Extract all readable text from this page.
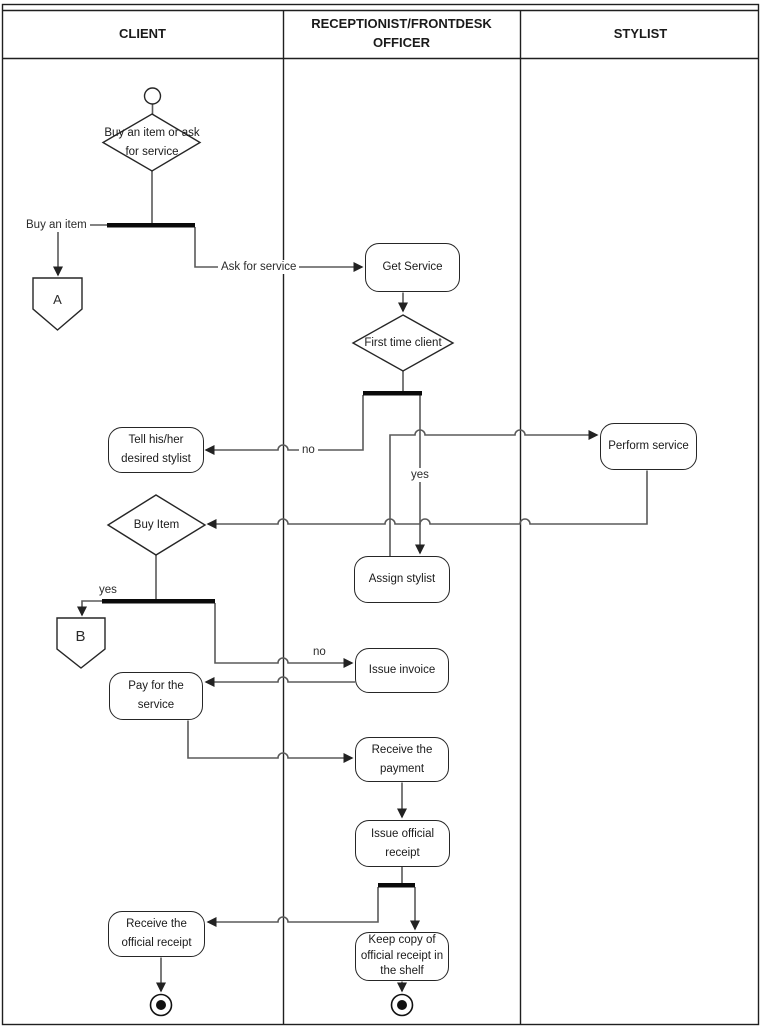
CLIENT
RECEPTIONIST/FRONTDESK OFFICER
STYLIST
Get Service
Tell his/her desired stylist
Perform service
Assign stylist
Issue invoice
Pay for the service
Receive the payment
Issue official receipt
Receive the official receipt	Keep copy of official receipt in the shelf
Buy an item or ask for service
First time client
Buy Item
A
B
Buy an item
Ask for service
no
yes
yes
no
